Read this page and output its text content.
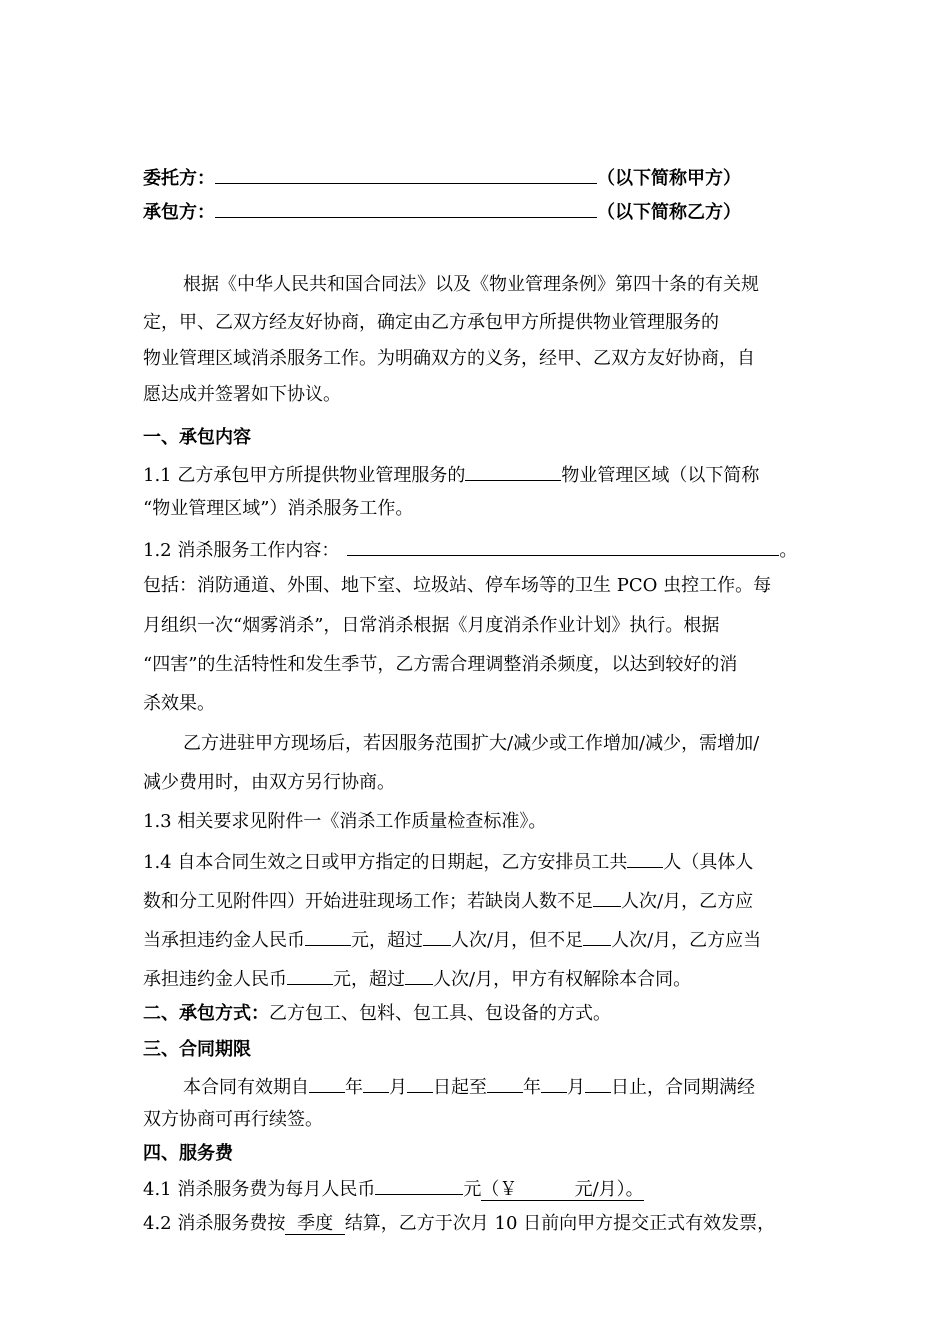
委托方：	（以下简称甲方）
承包方：	（以下简称乙方）
根据《中华人民共和国合同法》以及《物业管理条例》第四十条的有关规
定，甲、乙双方经友好协商，确定由乙方承包甲方所提供物业管理服务的
物业管理区域消杀服务工作。为明确双方的义务，经甲、乙双方友好协商，自
愿达成并签署如下协议。
一、承包内容
1.1 乙方承包甲方所提供物业管理服务的	物业管理区域（以下简称
“物业管理区域”）消杀服务工作。
1.2 消杀服务工作内容：	。
包括：消防通道、外围、地下室、垃圾站、停车场等的卫生 PCO 虫控工作。每
月组织一次“烟雾消杀”，日常消杀根据《月度消杀作业计划》执行。根据
“四害”的生活特性和发生季节，乙方需合理调整消杀频度，以达到较好的消
杀效果。
乙方进驻甲方现场后，若因服务范围扩大/减少或工作增加/减少，需增加/
减少费用时，由双方另行协商。
1.3 相关要求见附件一《消杀工作质量检查标准》。
1.4 自本合同生效之日或甲方指定的日期起，乙方安排员工共 人（具体人
数和分工见附件四）开始进驻现场工作；若缺岗人数不足 人次/月，乙方应
当承担违约金人民币	元，超过 人次/月，但不足 人次/月，乙方应当
承担违约金人民币	元，超过 人次/月，甲方有权解除本合同。
二、承包方式：乙方包工、包料、包工具、包设备的方式。
三、合同期限
本合同有效期自 年 月 日起至 年 月 日止，合同期满经
双方协商可再行续签。
四、服务费
4.1 消杀服务费为每月人民币	元（￥          元/月）。
4.2 消杀服务费按 季度 结算，乙方于次月 10 日前向甲方提交正式有效发票，
